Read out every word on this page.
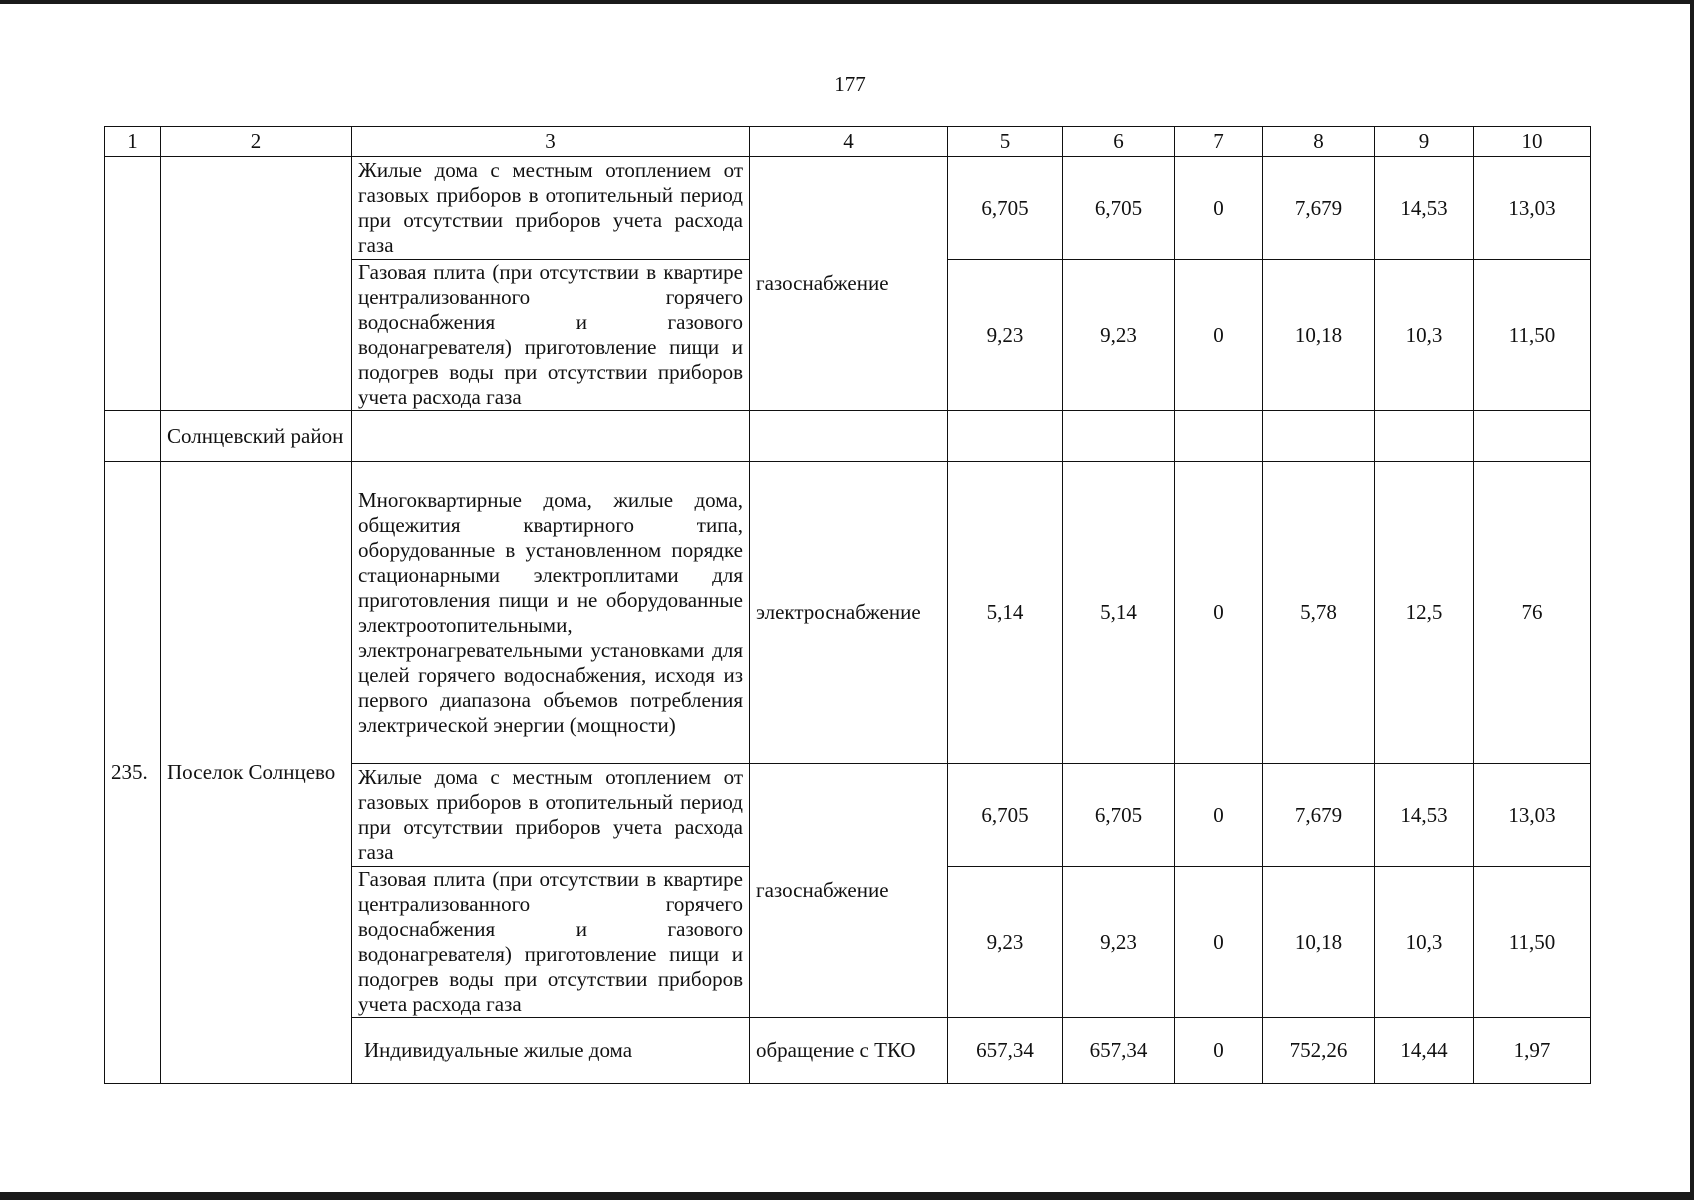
177
1	2	3	4	5	6	7	8	9	10
		Жилые дома с местным отоплением от газовых приборов в отопительный период при отсутствии приборов учета расхода газа	газоснабжение	6,705	6,705	0	7,679	14,53	13,03
		Газовая плита (при отсутствии в квартире централизованного горячего водоснабжения и газового водонагревателя) приготовление пищи и подогрев воды при отсутствии приборов учета расхода газа		9,23	9,23	0	10,18	10,3	11,50
	Солнцевский район								
235.	Поселок Солнцево	Многоквартирные дома, жилые дома, общежития квартирного типа, оборудованные в установленном порядке стационарными электроплитами для приготовления пищи и не оборудованные электроотопительными, электронагревательными установками для целей горячего водоснабжения, исходя из первого диапазона объемов потребления электрической энергии (мощности)	электроснабжение	5,14	5,14	0	5,78	12,5	76
		Жилые дома с местным отоплением от газовых приборов в отопительный период при отсутствии приборов учета расхода газа	газоснабжение	6,705	6,705	0	7,679	14,53	13,03
		Газовая плита (при отсутствии в квартире централизованного горячего водоснабжения и газового водонагревателя) приготовление пищи и подогрев воды при отсутствии приборов учета расхода газа		9,23	9,23	0	10,18	10,3	11,50
		Индивидуальные жилые дома	обращение с ТКО	657,34	657,34	0	752,26	14,44	1,97
